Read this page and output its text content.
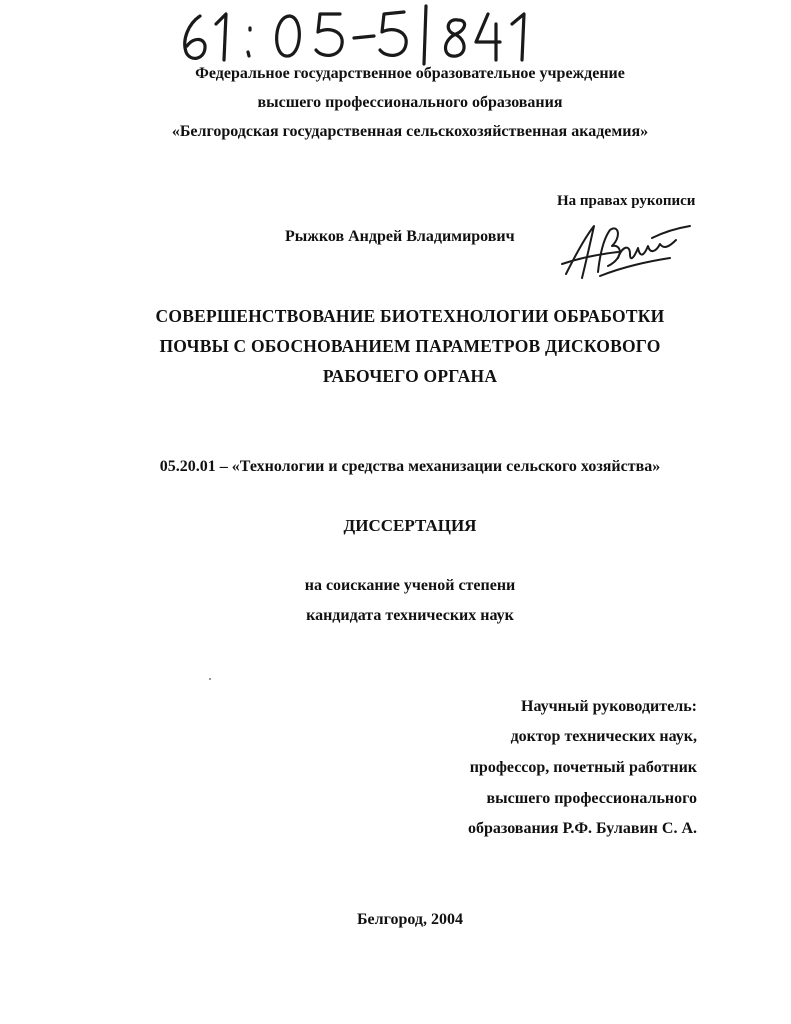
Федеральное государственное образовательное учреждение
высшего профессионального образования
«Белгородская государственная сельскохозяйственная академия»
На правах рукописи
Рыжков Андрей Владимирович
СОВЕРШЕНСТВОВАНИЕ БИОТЕХНОЛОГИИ ОБРАБОТКИ
ПОЧВЫ С ОБОСНОВАНИЕМ ПАРАМЕТРОВ ДИСКОВОГО
РАБОЧЕГО ОРГАНА
05.20.01 – «Технологии и средства механизации сельского хозяйства»
ДИССЕРТАЦИЯ
на соискание ученой степени
кандидата технических наук
Научный руководитель:
доктор технических наук,
профессор, почетный работник
высшего профессионального
образования Р.Ф. Булавин С. А.
Белгород, 2004
